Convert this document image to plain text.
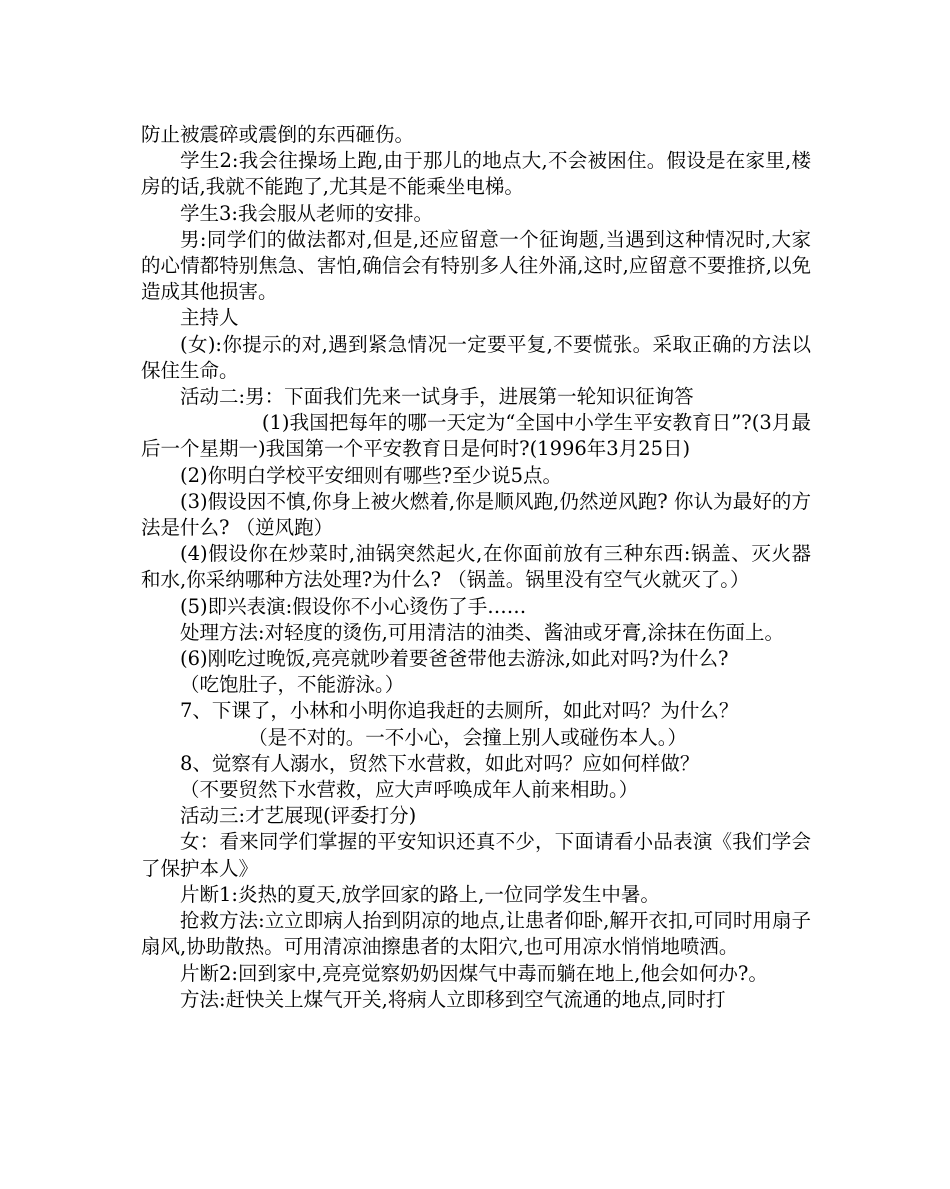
防止被震碎或震倒的东西砸伤。

学生2:我会往操场上跑,由于那儿的地点大,不会被困住。假设是在家里,楼房的话,我就不能跑了,尤其是不能乘坐电梯。

学生3:我会服从老师的安排。

男:同学们的做法都对,但是,还应留意一个征询题,当遇到这种情况时,大家的心情都特别焦急、害怕,确信会有特别多人往外涌,这时,应留意不要推挤,以免造成其他损害。

主持人

(女):你提示的对,遇到紧急情况一定要平复,不要慌张。采取正确的方法以保住生命。

活动二:男：下面我们先来一试身手，进展第一轮知识征询答

(1)我国把每年的哪一天定为“全国中小学生平安教育日”?(3月最后一个星期一)我国第一个平安教育日是何时?(1996年3月25日)

(2)你明白学校平安细则有哪些?至少说5点。

(3)假设因不慎,你身上被火燃着,你是顺风跑,仍然逆风跑? 你认为最好的方法是什么? （逆风跑）

(4)假设你在炒菜时,油锅突然起火,在你面前放有三种东西:锅盖、灭火器和水,你采纳哪种方法处理?为什么? （锅盖。锅里没有空气火就灭了。）

(5)即兴表演:假设你不小心烫伤了手……

处理方法:对轻度的烫伤,可用清洁的油类、酱油或牙膏,涂抹在伤面上。

(6)刚吃过晚饭,亮亮就吵着要爸爸带他去游泳,如此对吗?为什么?

（吃饱肚子，不能游泳。）

7、下课了，小林和小明你追我赶的去厕所，如此对吗？为什么？

（是不对的。一不小心，会撞上别人或碰伤本人。）

8、觉察有人溺水，贸然下水营救，如此对吗？应如何样做？

（不要贸然下水营救，应大声呼唤成年人前来相助。）

活动三:才艺展现(评委打分)

女：看来同学们掌握的平安知识还真不少，下面请看小品表演《我们学会了保护本人》

片断1:炎热的夏天,放学回家的路上,一位同学发生中暑。

抢救方法:立立即病人抬到阴凉的地点,让患者仰卧,解开衣扣,可同时用扇子扇风,协助散热。可用清凉油擦患者的太阳穴,也可用凉水悄悄地喷洒。

片断2:回到家中,亮亮觉察奶奶因煤气中毒而躺在地上,他会如何办?。

方法:赶快关上煤气开关,将病人立即移到空气流通的地点,同时打
